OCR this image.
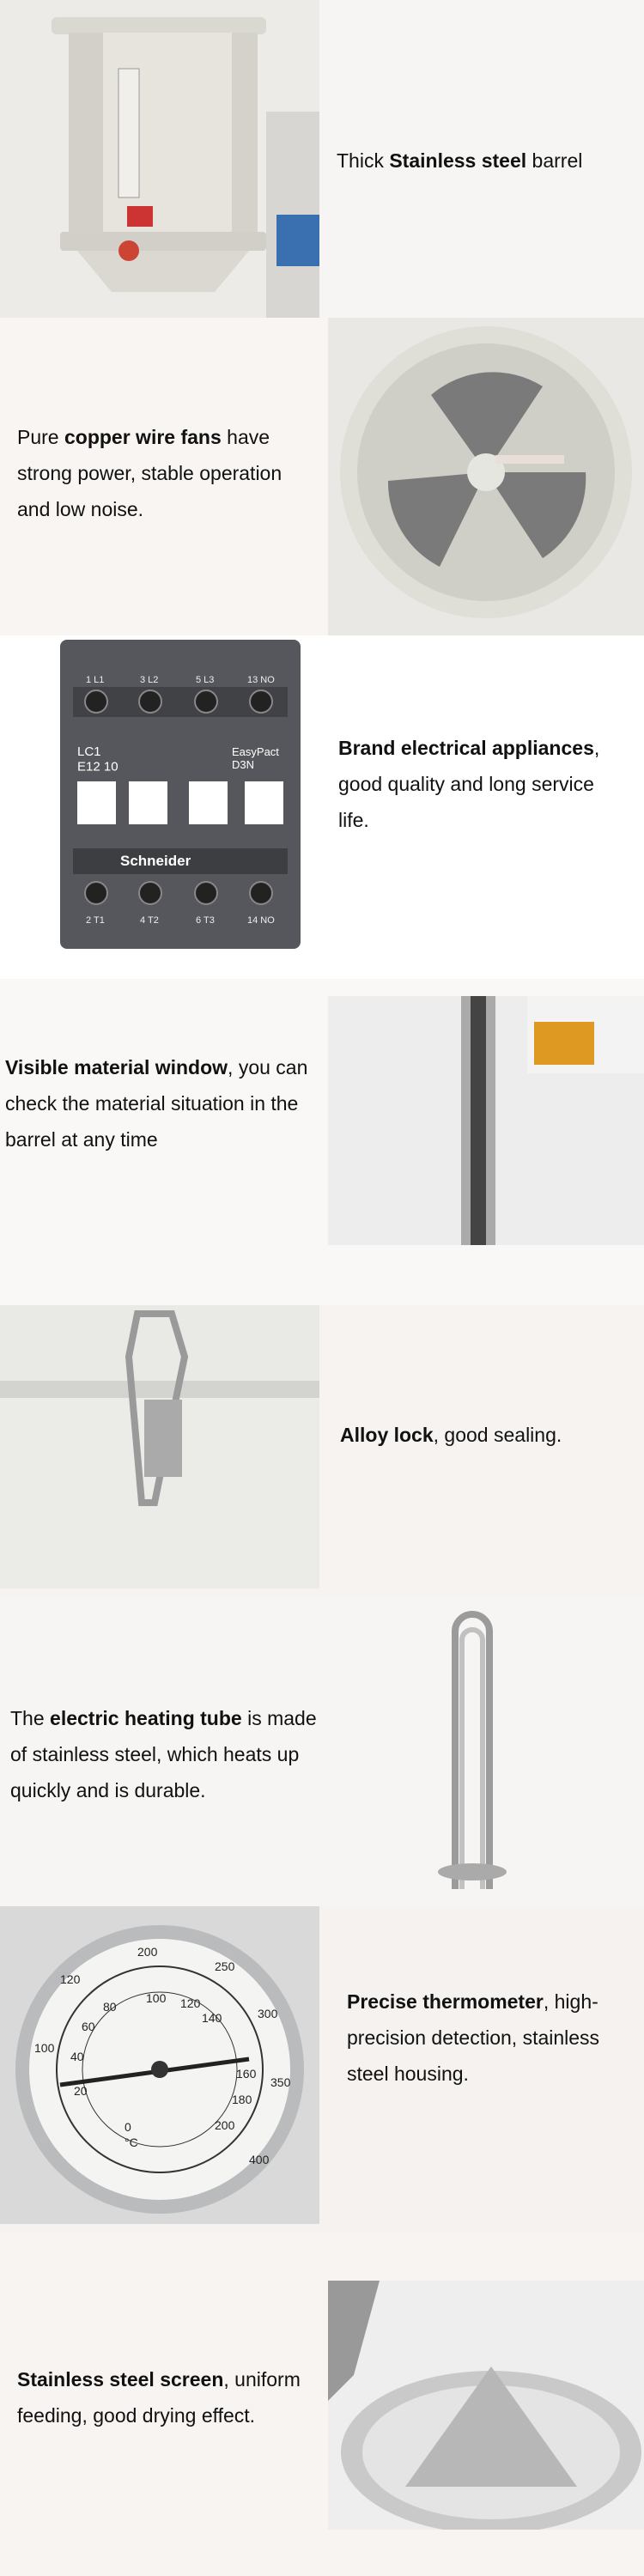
Thick Stainless steel barrel
Pure copper wire fans have strong power, stable operation and low noise.
1 L1	3 L2	5 L3	13 NO
2 T1	4 T2	6 T3	14 NO
LC1 E12 10
EasyPact D3N
Schneider
Brand electrical appliances, good quality and long service life.
Visible material window, you can check the material situation in the barrel at any time
Alloy lock, good sealing.
The electric heating tube is made of stainless steel, which heats up quickly and is durable.
200
250
300
350
400
120
100
100 120
140
80
60
40
20
0
°C
200
180
160
Precise thermometer, high-precision detection, stainless steel housing.
Stainless steel screen, uniform feeding, good drying effect.
